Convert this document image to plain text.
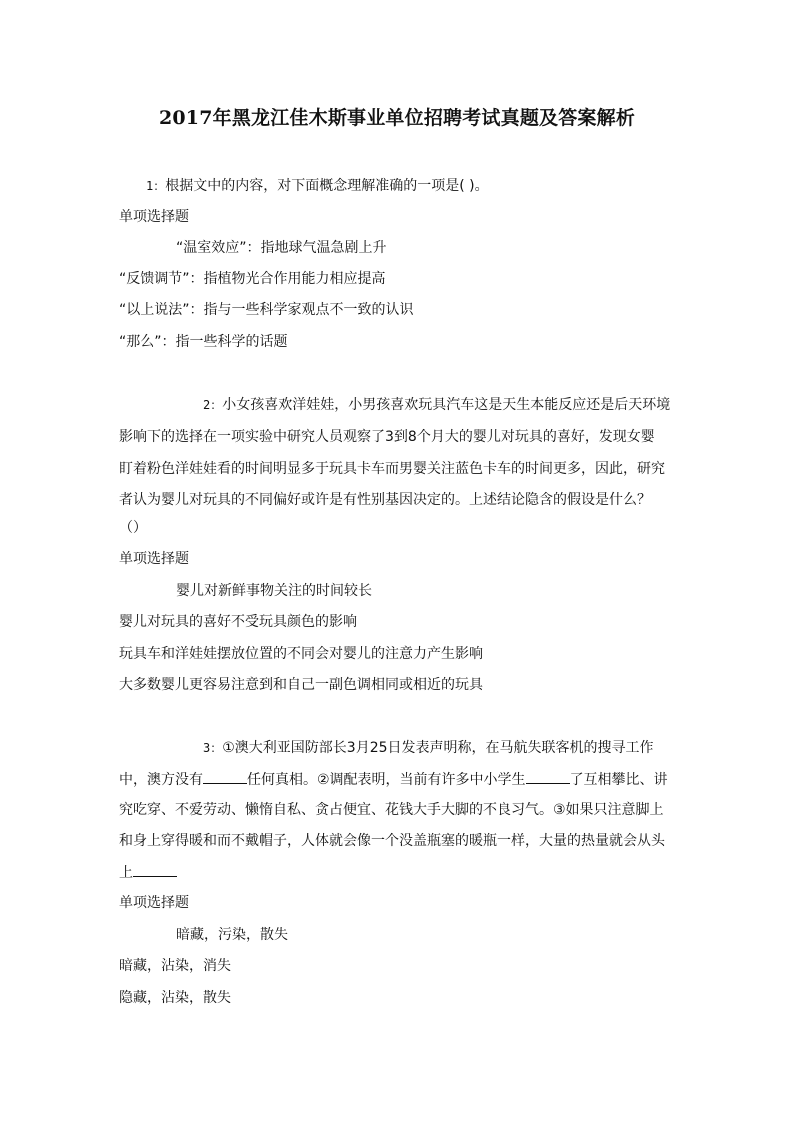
2017年黑龙江佳木斯事业单位招聘考试真题及答案解析
1：根据文中的内容，对下面概念理解准确的一项是( )。
单项选择题
“温室效应”：指地球气温急剧上升
“反馈调节”：指植物光合作用能力相应提高
“以上说法”：指与一些科学家观点不一致的认识
“那么”：指一些科学的话题
2：小女孩喜欢洋娃娃，小男孩喜欢玩具汽车这是天生本能反应还是后天环境
影响下的选择在一项实验中研究人员观察了3到8个月大的婴儿对玩具的喜好，发现女婴
盯着粉色洋娃娃看的时间明显多于玩具卡车而男婴关注蓝色卡车的时间更多，因此，研究
者认为婴儿对玩具的不同偏好或许是有性别基因决定的。上述结论隐含的假设是什么？
（）
单项选择题
婴儿对新鲜事物关注的时间较长
婴儿对玩具的喜好不受玩具颜色的影响
玩具车和洋娃娃摆放位置的不同会对婴儿的注意力产生影响
大多数婴儿更容易注意到和自己一副色调相同或相近的玩具
3：①澳大利亚国防部长3月25日发表声明称，在马航失联客机的搜寻工作
中，澳方没有	任何真相。②调配表明，当前有许多中小学生	了互相攀比、讲
究吃穿、不爱劳动、懒惰自私、贪占便宜、花钱大手大脚的不良习气。③如果只注意脚上
和身上穿得暖和而不戴帽子，人体就会像一个没盖瓶塞的暖瓶一样，大量的热量就会从头
上
单项选择题
暗藏，污染，散失
暗藏，沾染，消失
隐藏，沾染，散失
